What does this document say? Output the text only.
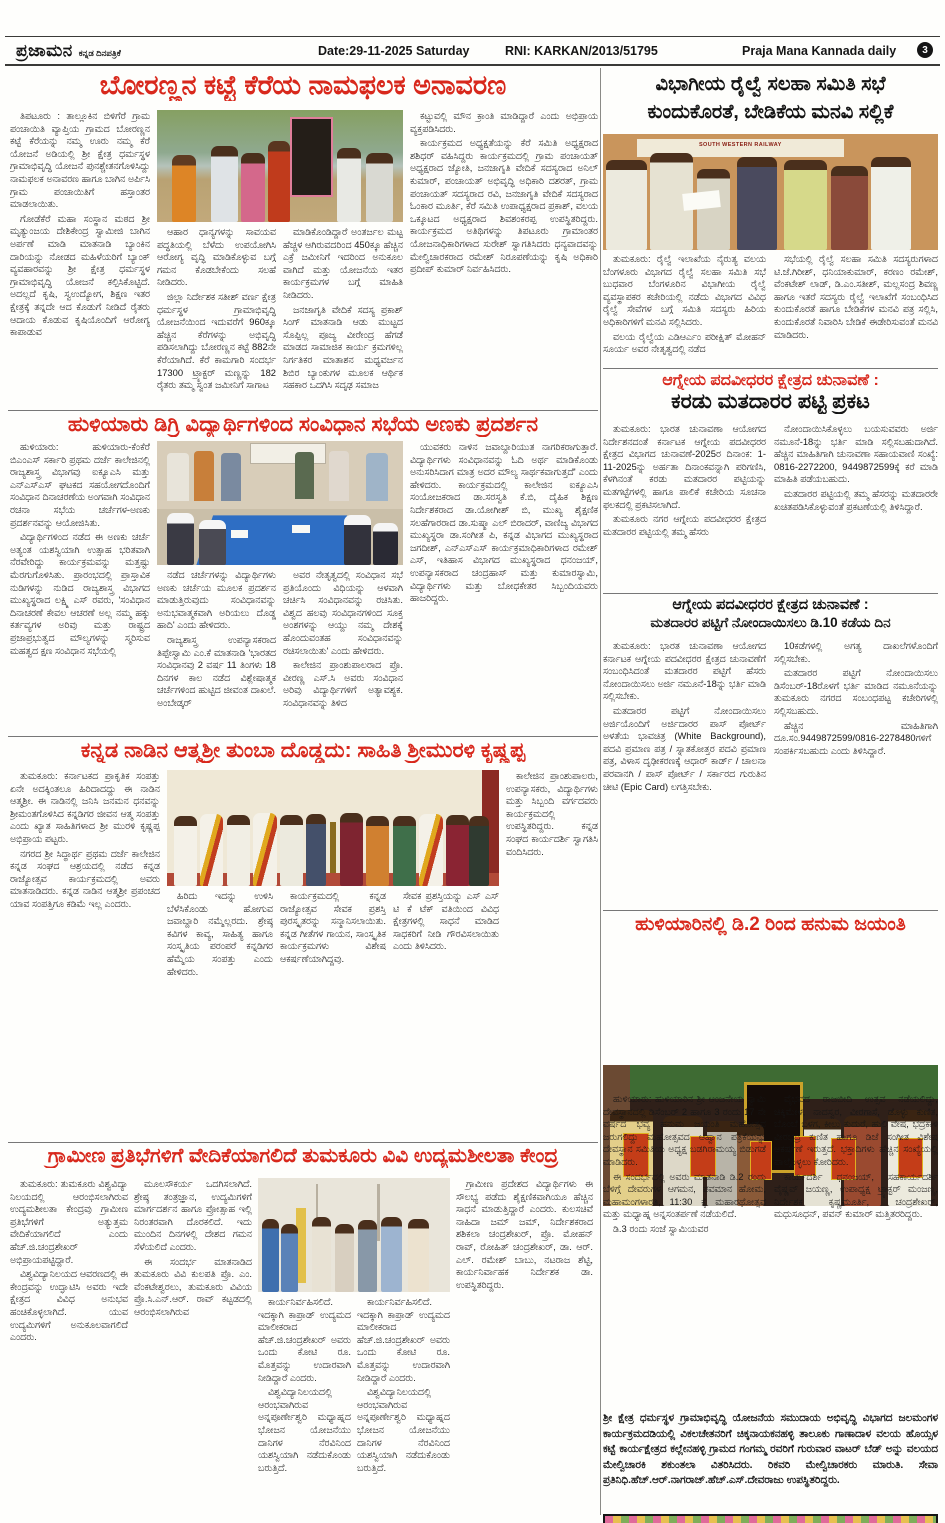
ಪ್ರಜಾಮನ ಕನ್ನಡ ದಿನಪತ್ರಿಕೆ	Date:29-11-2025 Saturday	RNI: KARKAN/2013/51795	Praja Mana Kannada daily	3
ಬೋರಣ್ಣನ ಕಟ್ಟೆ ಕೆರೆಯ ನಾಮಫಲಕ ಅನಾವರಣ

ತಿಪಟೂರು : ತಾಲ್ಲೂಕಿನ ಬಿಳಿಗೆರೆ ಗ್ರಾಮ ಪಂಚಾಯಿತಿ ವ್ಯಾಪ್ತಿಯ ಗ್ರಾಮದ ಬೋರಣ್ಣನ ಕಟ್ಟೆ ಕೆರೆಯನ್ನು ನಮ್ಮ ಊರು ನಮ್ಮ ಕೆರೆ ಯೋಜನೆ ಅಡಿಯಲ್ಲಿ ಶ್ರೀ ಕ್ಷೇತ್ರ ಧರ್ಮಸ್ಥಳ ಗ್ರಾಮಾಭಿವೃದ್ಧಿ ಯೋಜನೆ ಪುನಶ್ಚೇತನಗೊಳಿಸಿದ್ದು ನಾಮಫಲಕ ಅನಾವರಣ ಹಾಗೂ ಬಾಗಿನ ಅರ್ಪಿಸಿ ಗ್ರಾಮ ಪಂಚಾಯಿತಿಗೆ ಹಸ್ತಾಂತರ ಮಾಡಲಾಯಿತು.

ಗೋಡೆಕೆರೆ ಮಹಾ ಸಂಸ್ಥಾನ ಮಠದ ಶ್ರೀ ಮೃತ್ಯುಂಜಯ ದೇಶಿಕೇಂದ್ರ ಸ್ವಾಮೀಜಿ ಬಾಗಿನ ಅರ್ಪಣೆ ಮಾಡಿ ಮಾತನಾಡಿ ಬ್ಯಾಂಕಿನ ದಾರಿಯನ್ನು ನೋಡದ ಮಹಿಳೆಯರಿಗೆ ಬ್ಯಾಂಕ್ ವ್ಯವಹಾರವನ್ನು ಶ್ರೀ ಕ್ಷೇತ್ರ ಧರ್ಮಸ್ಥಳ ಗ್ರಾಮಾಭಿವೃದ್ಧಿ ಯೋಜನೆ ಕಲ್ಪಿಸಿಕೊಟ್ಟಿದೆ. ಅದಲ್ಲದೆ ಕೃಷಿ, ಸ್ವಉದ್ಯೋಗ, ಶಿಕ್ಷಣ ಇತರ ಕ್ಷೇತ್ರಕ್ಕೆ ತನ್ನದೇ ಆದ ಕೊಡುಗೆ ನೀಡಿದೆ ರೈತರು ಆದಾಯ ಕೊಡುವ ಕೃಷಿಯೊಂದಿಗೆ ಆರೋಗ್ಯ ಕಾಪಾಡುವ

ಆಹಾರ ಧಾನ್ಯಗಳನ್ನು ಸಾವಯವ ಪದ್ಧತಿಯಲ್ಲಿ ಬೆಳೆದು ಉಪಯೋಗಿಸಿ ಆರೋಗ್ಯ ವೃದ್ಧಿ ಮಾಡಿಕೊಳ್ಳುವ ಬಗ್ಗೆ ಗಮನ ಕೊಡಬೇಕೆಂದು ಸಲಹೆ ನೀಡಿದರು.

ಜಿಲ್ಲಾ ನಿರ್ದೇಶಕ ಸತೀಶ್ ವರ್ಣ ಕ್ಷೇತ್ರ ಧರ್ಮಸ್ಥಳ ಗ್ರಾಮಾಭಿವೃದ್ಧಿ ಯೋಜನೆಯಿಂದ ಇದುವರೆಗೆ 960ಕ್ಕೂ ಹೆಚ್ಚಿನ ಕೆರೆಗಳನ್ನು ಅಭಿವೃದ್ಧಿ ಪಡಿಸಲಾಗಿದ್ದು ಬೋರಣ್ಣನ ಕಟ್ಟೆ 882ನೇ ಕೆರೆಯಾಗಿದೆ. ಕೆರೆ ಕಾಮಗಾರಿ ಸಂದರ್ಭ 17300 ಟ್ರ್ಯಾಕ್ಟರ್ ಮಣ್ಣನ್ನು 182 ರೈತರು ತಮ್ಮ ಸ್ವಂತ ಜಮೀನಿಗೆ ಸಾಗಾಟ

ಮಾಡಿಕೊಂಡಿದ್ದಾರೆ ಅಂತರ್ಜಲ ಮಟ್ಟ ಹೆಚ್ಚಳ ಆಗಿರುವದರಿಂದ 450ಕ್ಕೂ ಹೆಚ್ಚಿನ ಎಕ್ರೆ ಜಮೀನಿಗೆ ಇದರಿಂದ ಅನುಕೂಲ ವಾಗಿದೆ ಮತ್ತು ಯೋಜನೆಯ ಇತರ ಕಾರ್ಯಕ್ರಮಗಳ ಬಗ್ಗೆ ಮಾಹಿತಿ ನೀಡಿದರು.

ಜನಜಾಗೃತಿ ವೇದಿಕೆ ಸದಸ್ಯ ಪ್ರಕಾಶ್ ಸಿಂಗ್ ಮಾತನಾಡಿ ಆಡು ಮುಟ್ಟದ ಸೊಪ್ಪಿಲ್ಲ ಪೂಜ್ಯ ವೀರೇಂದ್ರ ಹೆಗಡೆ ಮಾಡದ ಸಾಮಾಜಿಕ ಕಾರ್ಯ ಕ್ರಮಗಳಿಲ್ಲ ನಿರ್ಗತಿಕರ ಮಾತಾಶನ ಮಧ್ಯವರ್ಜನ ಶಿಬಿರ ಬ್ಯಾಂಕುಗಳ ಮೂಲಕ ಆರ್ಥಿಕ ಸಹಕಾರ ಒದಗಿಸಿ ಸದೃಢ ಸಮಾಜ

ಕಟ್ಟುವಲ್ಲಿ ಮೌನ ಕ್ರಾಂತಿ ಮಾಡಿದ್ದಾರೆ ಎಂದು ಅಭಿಪ್ರಾಯ ವ್ಯಕ್ತಪಡಿಸಿದರು.

ಕಾರ್ಯಕ್ರಮದ ಅಧ್ಯಕ್ಷತೆಯನ್ನು ಕೆರೆ ಸಮಿತಿ ಅಧ್ಯಕ್ಷರಾದ ಶಶಿಧರ್ ವಹಿಸಿದ್ದರು ಕಾರ್ಯಕ್ರಮದಲ್ಲಿ ಗ್ರಾಮ ಪಂಚಾಯತ್ ಅಧ್ಯಕ್ಷರಾದ ಜ್ಯೋತಿ, ಜನಜಾಗೃತಿ ವೇದಿಕೆ ಸದಸ್ಯರಾದ ಅನಿಲ್ ಕುಮಾರ್, ಪಂಚಾಯತ್ ಅಭಿವೃದ್ಧಿ ಅಧಿಕಾರಿ ದಶರತ್, ಗ್ರಾಮ ಪಂಚಾಯತ್ ಸದಸ್ಯರಾದ ರವಿ, ಜನಜಾಗೃತಿ ವೇದಿಕೆ ಸದಸ್ಯರಾದ ಓಂಕಾರ ಮೂರ್ತಿ, ಕೆರೆ ಸಮಿತಿ ಉಪಾಧ್ಯಕ್ಷರಾದ ಪ್ರಕಾಶ್, ವಲಯ ಒಕ್ಕೂಟದ ಅಧ್ಯಕ್ಷರಾದ ಶಿವಶಂಕರಪ್ಪ ಉಪಸ್ಥಿತರಿದ್ದರು. ಕಾರ್ಯಕ್ರಮದ ಅತಿಥಿಗಳನ್ನು ತಿಪಟೂರು ಗ್ರಾಮಾಂತರ ಯೋಜನಾಧಿಕಾರಿಗಳಾದ ಸುರೇಶ್ ಸ್ವಾಗತಿಸಿದರು ಧನ್ಯವಾದವನ್ನು ಮೇಲ್ವಿಚಾರಕರಾದ ರಮೇಶ್ ನಿರೂಪಣೆಯನ್ನು ಕೃಷಿ ಅಧಿಕಾರಿ ಪ್ರದೀಪ್ ಕುಮಾರ್ ನಿರ್ವಹಿಸಿದರು.

ಹುಳಿಯಾರು ಡಿಗ್ರಿ ವಿದ್ಯಾರ್ಥಿಗಳಿಂದ ಸಂವಿಧಾನ ಸಭೆಯ ಅಣಕು ಪ್ರದರ್ಶನ

ಹುಳಿಯಾರು: ಹುಳಿಯಾರು-ಕೆಂಕೆರೆ ಬಿಎಂಎಸ್ ಸರ್ಕಾರಿ ಪ್ರಥಮ ದರ್ಜೆ ಕಾಲೇಜಿನಲ್ಲಿ ರಾಜ್ಯಶಾಸ್ತ್ರ ವಿಭಾಗವು ಐಕ್ಯೂಎಸಿ ಮತ್ತು ಎನ್ಎಸ್ಎಸ್ ಘಟಕದ ಸಹಯೋಗದೊಂದಿಗೆ ಸಂವಿಧಾನ ದಿನಾಚರಣೆಯ ಅಂಗವಾಗಿ ಸಂವಿಧಾನ ರಚನಾ ಸಭೆಯ ಚರ್ಚೆಗಳ-ಅಣಕು ಪ್ರದರ್ಶನವನ್ನು ಆಯೋಜಿಸಿತು.

ವಿದ್ಯಾರ್ಥಿಗಳಿಂದ ನಡೆದ ಈ ಅಣಕು ಚರ್ಚೆ ಅತ್ಯಂತ ಯಶಸ್ವಿಯಾಗಿ ಉತ್ಸಾಹ ಭರಿತವಾಗಿ ನೆರವೇರಿದ್ದು ಕಾರ್ಯಕ್ರಮವನ್ನು ಮತ್ತಷ್ಟು ಮೆರಗುಗೊಳಿಸಿತು. ಪ್ರಾರಂಭದಲ್ಲಿ ಪ್ರಾಸ್ತಾವಿಕ ನುಡಿಗಳನ್ನು ನುಡಿದ ರಾಜ್ಯಶಾಸ್ತ್ರ ವಿಭಾಗದ ಮುಖ್ಯಸ್ಥರಾದ ಲಕ್ಷ್ಮಿ ಎಸ್ ರವರು, 'ಸಂವಿಧಾನ ದಿನಾಚರಣೆ ಕೇವಲ ಆಚರಣೆ ಅಲ್ಲ ನಮ್ಮ ಹಕ್ಕು ಕರ್ತವ್ಯಗಳ ಅರಿವು ಮತ್ತು ರಾಷ್ಟ್ರದ ಪ್ರಜಾಪ್ರಭುತ್ವದ ಮೌಲ್ಯಗಳನ್ನು ಸ್ಮರಿಸುವ ಮಹತ್ವದ ಕ್ಷಣ ಸಂವಿಧಾನ ಸಭೆಯಲ್ಲಿ

ನಡೆದ ಚರ್ಚೆಗಳನ್ನು ವಿದ್ಯಾರ್ಥಿಗಳು ಅಣಕು ಚರ್ಚೆಯ ಮೂಲಕ ಪ್ರದರ್ಶನ ಮಾಡುತ್ತಿರುವುದು ಸಂವಿಧಾನವನ್ನು ಅನುಭವಾತ್ಮಕವಾಗಿ ಅರಿಯಲು ದೊಡ್ಡ ಹಾದಿ' ಎಂದು ಹೇಳಿದರು.

ರಾಜ್ಯಶಾಸ್ತ್ರ ಉಪನ್ಯಾಸಕರಾದ ತಿಪ್ಪೇಸ್ವಾಮಿ ಎಂ.ಕೆ ಮಾತನಾಡಿ 'ಭಾರತದ ಸಂವಿಧಾನವು 2 ವರ್ಷ 11 ತಿಂಗಳು 18 ದಿನಗಳ ಕಾಲ ನಡೆದ ವಿಶ್ಲೇಷಾತ್ಮಕ ಚರ್ಚೆಗಳಿಂದ ಹುಟ್ಟಿದ ಜೀವಂತ ದಾಖಲೆ. ಅಂಬೇಡ್ಕರ್

ಅವರ ನೇತೃತ್ವದಲ್ಲಿ ಸಂವಿಧಾನ ಸಭೆ ಪ್ರತಿಯೊಂದು ವಿಧಿಯನ್ನು ಆಳವಾಗಿ ಚರ್ಚಿಸಿ ಸಂವಿಧಾನವನ್ನು ರಚಿಸಿತು. ವಿಶ್ವದ ಹಲವು ಸಂವಿಧಾನಗಳಿಂದ ಸೂಕ್ತ ಅಂಶಗಳನ್ನು ಆಯ್ದು ನಮ್ಮ ದೇಶಕ್ಕೆ ಹೊಂದುವಂತಹ ಸಂವಿಧಾನವನ್ನು ರಚಿಸಲಾಯಿತು' ಎಂದು ಹೇಳಿದರು.

ಕಾಲೇಜಿನ ಪ್ರಾಂಶುಪಾಲರಾದ ಪ್ರೊ. ವೀರಣ್ಣ ಎಸ್.ಸಿ ಅವರು ಸಂವಿಧಾನ ಅರಿವು ವಿದ್ಯಾರ್ಥಿಗಳಿಗೆ ಅತ್ಯಾವಶ್ಯಕ. ಸಂವಿಧಾನವನ್ನು ತಿಳಿದ

ಯುವಕರು ನಾಳಿನ ಜವಾಬ್ದಾರಿಯುತ ನಾಗರಿಕರಾಗುತ್ತಾರೆ. ವಿದ್ಯಾರ್ಥಿಗಳು ಸಂವಿಧಾನವನ್ನು ಓದಿ ಅರ್ಥ ಮಾಡಿಕೊಂಡು ಅನುಸರಿಸಿದಾಗ ಮಾತ್ರ ಅದರ ಮೌಲ್ಯ ಸಾರ್ಥಕವಾಗುತ್ತದೆ' ಎಂದು ಹೇಳಿದರು. ಕಾರ್ಯಕ್ರಮದಲ್ಲಿ ಕಾಲೇಜಿನ ಐಕ್ಯೂಎಸಿ ಸಂಯೋಜಕರಾದ ಡಾ.ಸರಸ್ವತಿ ಕೆ.ಬಿ, ದೈಹಿಕ ಶಿಕ್ಷಣ ನಿರ್ದೇಶಕರಾದ ಡಾ.ಯೋಗೀಶ್ ಬಿ, ಮುಖ್ಯ ಶೈಕ್ಷಣಿಕ ಸಲಹೆಗಾರರಾದ ಡಾ.ಸುಷ್ಮಾ ಎಲ್ ಬಿರಾದರ್, ವಾಣಿಜ್ಯ ವಿಭಾಗದ ಮುಖ್ಯಸ್ಥರಾ ಡಾ.ಸಂಗೀತ ಪಿ, ಕನ್ನಡ ವಿಭಾಗದ ಮುಖ್ಯಸ್ಥರಾದ ಜಗದೀಶ್, ಎನ್ಎಸ್ಎಸ್ ಕಾರ್ಯಕ್ರಮಾಧಿಕಾರಿಗಳಾದ ರಮೇಶ್ ಎಸ್, ಇತಿಹಾಸ ವಿಭಾಗದ ಮುಖ್ಯಸ್ಥರಾದ ಧನಂಜಯ್, ಉಪನ್ಯಾಸಕರಾದ ಚಂದ್ರಹಾಸ್ ಮತ್ತು ಕುಮಾರಸ್ವಾಮಿ, ವಿದ್ಯಾರ್ಥಿಗಳು ಮತ್ತು ಬೋಧಕೇತರ ಸಿಬ್ಬಂದಿಯವರು ಹಾಜರಿದ್ದರು.

ಕನ್ನಡ ನಾಡಿನ ಆತ್ಮಶ್ರೀ ತುಂಬಾ ದೊಡ್ಡದು: ಸಾಹಿತಿ ಶ್ರೀಮುರಳಿ ಕೃಷ್ಣಪ್ಪ

ತುಮಕೂರು: ಕರ್ನಾಟಕದ ಪ್ರಾಕೃತಿಕ ಸಂಪತ್ತು ಏನೇ ಅದಕ್ಕಿಂತಲೂ ಹಿರಿದಾದದ್ದು ಈ ನಾಡಿನ ಆತ್ಮಶ್ರೀ. ಈ ನಾಡಿನಲ್ಲಿ ಜನಿಸಿ ಜನಮನ ಧನವನ್ನು ಶ್ರೀಮಂತಗೊಳಿಸಿದ ಕನ್ನಡಿಗರ ಜೀವನ ಆತ್ಮ ಸಂಪತ್ತು ಎಂದು ಖ್ಯಾತ ಸಾಹಿತಿಗಳಾದ ಶ್ರೀ ಮುರಳಿ ಕೃಷ್ಣಪ್ಪ ಅಭಿಪ್ರಾಯ ಪಟ್ಟರು.

ನಗರದ ಶ್ರೀ ಸಿದ್ಧಾರ್ಥ ಪ್ರಥಮ ದರ್ಜೆ ಕಾಲೇಜಿನ ಕನ್ನಡ ಸಂಘದ ಆಶ್ರಯದಲ್ಲಿ ನಡೆದ ಕನ್ನಡ ರಾಜ್ಯೋತ್ಸವ ಕಾರ್ಯಕ್ರಮದಲ್ಲಿ ಅವರು ಮಾತನಾಡಿದರು. ಕನ್ನಡ ನಾಡಿನ ಆತ್ಮಶ್ರೀ ಪ್ರಪಂಚದ ಯಾವ ಸಂಪತ್ತಿಗೂ ಕಡಿಮೆ ಇಲ್ಲ ಎಂದರು.

ಹಿರಿದು ಇದನ್ನು ಉಳಿಸಿ ಬೆಳೆಸಿಕೊಂಡು ಹೋಗುವ ಜವಾಬ್ದಾರಿ ನಮ್ಮೆಲ್ಲರದು. ಶ್ರೇಷ್ಠ ಕವಿಗಳ ಕಾವ್ಯ, ಸಾಹಿತ್ಯ ಹಾಗೂ ಸಂಸ್ಕೃತಿಯ ಪರಂಪರೆ ಕನ್ನಡಿಗರ ಹೆಮ್ಮೆಯ ಸಂಪತ್ತು ಎಂದು ಹೇಳಿದರು.

ಕಾರ್ಯಕ್ರಮದಲ್ಲಿ ಕನ್ನಡ ರಾಜ್ಯೋತ್ಸವ ಸೇವಕ ಪ್ರಶಸ್ತಿ ಪುರಸ್ಕೃತರನ್ನು ಸನ್ಮಾನಿಸಲಾಯಿತು. ಕನ್ನಡ ಗೀತೆಗಳ ಗಾಯನ, ಸಾಂಸ್ಕೃತಿಕ ಕಾರ್ಯಕ್ರಮಗಳು ವಿಶೇಷ ಆಕರ್ಷಣೆಯಾಗಿದ್ದವು.

ಸೇವಕ ಪ್ರಶಸ್ತಿಯನ್ನು ಎಸ್ ಎಸ್ ಟಿ ಕೆ ಟೆಕ್ ವತಿಯಿಂದ ವಿವಿಧ ಕ್ಷೇತ್ರಗಳಲ್ಲಿ ಸಾಧನೆ ಮಾಡಿದ ಸಾಧಕರಿಗೆ ನೀಡಿ ಗೌರವಿಸಲಾಯಿತು ಎಂದು ತಿಳಿಸಿದರು.

ಕಾಲೇಜಿನ ಪ್ರಾಂಶುಪಾಲರು, ಉಪನ್ಯಾಸಕರು, ವಿದ್ಯಾರ್ಥಿಗಳು ಮತ್ತು ಸಿಬ್ಬಂದಿ ವರ್ಗದವರು ಕಾರ್ಯಕ್ರಮದಲ್ಲಿ ಉಪಸ್ಥಿತರಿದ್ದರು. ಕನ್ನಡ ಸಂಘದ ಕಾರ್ಯದರ್ಶಿ ಸ್ವಾಗತಿಸಿ ವಂದಿಸಿದರು.

ಗ್ರಾಮೀಣ ಪ್ರತಿಭೆಗಳಿಗೆ ವೇದಿಕೆಯಾಗಲಿದೆ ತುಮಕೂರು ವಿವಿ ಉದ್ಯಮಶೀಲತಾ ಕೇಂದ್ರ

ತುಮಕೂರು: ತುಮಕೂರು ವಿಶ್ವವಿದ್ಯಾ ನಿಲಯದಲ್ಲಿ ಆರಂಭಿಸಲಾಗಿರುವ ಉದ್ಯಮಶೀಲತಾ ಕೇಂದ್ರವು ಗ್ರಾಮೀಣ ಪ್ರತಿಭೆಗಳಿಗೆ ಅತ್ಯುತ್ತಮ ವೇದಿಕೆಯಾಗಲಿದೆ ಎಂದು ಹೆಚ್.ಜಿ.ಚಂದ್ರಶೇಖರ್ ಅಭಿಪ್ರಾಯಪಟ್ಟಿದ್ದಾರೆ.

ವಿಶ್ವವಿದ್ಯಾನಿಲಯದ ಆವರಣದಲ್ಲಿ ಈ ಕೇಂದ್ರವನ್ನು ಉದ್ಘಾಟಿಸಿ ಅವರು ಇದೇ ಕ್ಷೇತ್ರದ ವಿವಿಧ ಅನುಭವ ಹಂಚಿಕೊಳ್ಳಲಾಗಿದೆ. ಯುವ ಉದ್ಯಮಿಗಳಿಗೆ ಅನುಕೂಲವಾಗಲಿದೆ ಎಂದರು.

ಮೂಲಸೌಕರ್ಯ ಒದಗಿಸಲಾಗಿದೆ. ಶ್ರೇಷ್ಠ ತಂತ್ರಜ್ಞಾನ, ಉದ್ಯಮಿಗಳಿಗೆ ಮಾರ್ಗದರ್ಶನ ಹಾಗೂ ಪ್ರೋತ್ಸಾಹ ಇಲ್ಲಿ ನಿರಂತರವಾಗಿ ದೊರಕಲಿದೆ. ಇದು ಮುಂದಿನ ದಿನಗಳಲ್ಲಿ ದೇಶದ ಗಮನ ಸೆಳೆಯಲಿದೆ ಎಂದರು.

ಈ ಸಂದರ್ಭ ಮಾತನಾಡಿದ ತುಮಕೂರು ವಿವಿ ಕುಲಪತಿ ಪ್ರೊ. ಎಂ. ವೆಂಕಟೇಶ್ವರಲು, ತುಮಕೂರು ವಿವಿಯ ಪ್ರೊ.ಸಿ.ಎನ್.ಆರ್. ರಾವ್ ಕಟ್ಟಡದಲ್ಲಿ ಆರಂಭಿಸಲಾಗಿರುವ

ಕಾರ್ಯನಿರ್ವಹಿಸಲಿದೆ. ಇದಕ್ಕಾಗಿ ಕಾಪ್ರಾಡ್ ಉದ್ಯಮದ ಮಾಲೀಕರಾದ ಹೆಚ್.ಜಿ.ಚಂದ್ರಶೇಖರ್ ಅವರು ಒಂದು ಕೋಟಿ ರೂ. ಮೊತ್ತವನ್ನು ಉದಾರವಾಗಿ ನೀಡಿದ್ದಾರೆ ಎಂದರು.

ವಿಶ್ವವಿದ್ಯಾನಿಲಯದಲ್ಲಿ ಆರಂಭವಾಗಿರುವ ಅನ್ನಪೂರ್ಣೇಶ್ವರಿ ಮಧ್ಯಾಹ್ನದ ಭೋಜನ ಯೋಜನೆಯು ದಾನಿಗಳ ನೆರವಿನಿಂದ ಯಶಸ್ವಿಯಾಗಿ ನಡೆದುಕೊಂಡು ಬರುತ್ತಿದೆ.

ಕಾರ್ಯನಿರ್ವಹಿಸಲಿದೆ. ಇದಕ್ಕಾಗಿ ಕಾಪ್ರಾಡ್ ಉದ್ಯಮದ ಮಾಲೀಕರಾದ ಹೆಚ್.ಜಿ.ಚಂದ್ರಶೇಖರ್ ಅವರು ಒಂದು ಕೋಟಿ ರೂ. ಮೊತ್ತವನ್ನು ಉದಾರವಾಗಿ ನೀಡಿದ್ದಾರೆ ಎಂದರು.

ವಿಶ್ವವಿದ್ಯಾನಿಲಯದಲ್ಲಿ ಆರಂಭವಾಗಿರುವ ಅನ್ನಪೂರ್ಣೇಶ್ವರಿ ಮಧ್ಯಾಹ್ನದ ಭೋಜನ ಯೋಜನೆಯು ದಾನಿಗಳ ನೆರವಿನಿಂದ ಯಶಸ್ವಿಯಾಗಿ ನಡೆದುಕೊಂಡು ಬರುತ್ತಿದೆ.

ಗ್ರಾಮೀಣ ಪ್ರದೇಶದ ವಿದ್ಯಾರ್ಥಿಗಳು ಈ ಸೌಲಭ್ಯ ಪಡೆದು ಶೈಕ್ಷಣಿಕವಾಗಿಯೂ ಹೆಚ್ಚಿನ ಸಾಧನೆ ಮಾಡುತ್ತಿದ್ದಾರೆ ಎಂದರು. ಕುಲಸಚಿವೆ ನಾಹಿದಾ ಜಮ್ ಜಮ್, ನಿರ್ದೇಶಕರಾದ ಶಶಿಕಲಾ ಚಂದ್ರಶೇಖರ್, ಪ್ರೊ. ಮೋಹನ್ ರಾವ್, ರೋಹಿತ್ ಚಂದ್ರಶೇಖರ್, ಡಾ. ಆರ್. ಎಲ್. ರಮೇಶ್ ಬಾಬು, ನಟರಾಜ ಶೆಟ್ಟಿ, ಕಾರ್ಯನಿರ್ವಾಹಕ ನಿರ್ದೇಶಕ ಡಾ. ಉಪಸ್ಥಿತರಿದ್ದರು.

ವಿಭಾಗೀಯ ರೈಲ್ವೆ ಸಲಹಾ ಸಮಿತಿ ಸಭೆ
ಕುಂದುಕೊರತೆ, ಬೇಡಿಕೆಯ ಮನವಿ ಸಲ್ಲಿಕೆ
SOUTH WESTERN RAILWAY

ತುಮಕೂರು: ರೈಲ್ವೆ ಇಲಾಖೆಯ ನೈರುತ್ಯ ವಲಯ ಬೆಂಗಳೂರು ವಿಭಾಗದ ರೈಲ್ವೆ ಸಲಹಾ ಸಮಿತಿ ಸಭೆ ಬುಧವಾರ ಬೆಂಗಳೂರಿನ ವಿಭಾಗೀಯ ರೈಲ್ವೆ ವ್ಯವಸ್ಥಾಪಕರ ಕಚೇರಿಯಲ್ಲಿ ನಡೆದು ವಿಭಾಗದ ವಿವಿಧ ರೈಲ್ವೆ ಸೇವೆಗಳ ಬಗ್ಗೆ ಸಮಿತಿ ಸದಸ್ಯರು ಹಿರಿಯ ಅಧಿಕಾರಿಗಳಿಗೆ ಮನವಿ ಸಲ್ಲಿಸಿದರು.

ವಲಯ ರೈಲ್ವೆಯ ಎಡಿಆರ್ಎಂ ಪರೀಕ್ಷಿತ್ ಮೋಹನ್ ಸೂರ್ಯ ಅವರ ನೇತೃತ್ವದಲ್ಲಿ ನಡೆದ

ಸಭೆಯಲ್ಲಿ ರೈಲ್ವೆ ಸಲಹಾ ಸಮಿತಿ ಸದಸ್ಯರುಗಳಾದ ಟಿ.ಜೆ.ಗಿರೀಶ್, ಧನಿಯಾಕುಮಾರ್, ಕರಣಂ ರಮೇಶ್, ವೆಂಕಟೇಶ್ ಲಾಡ್, ಡಿ.ಎಂ.ಸತೀಶ್, ಮಲ್ಲಸಂದ್ರ ಶಿವಣ್ಣ ಹಾಗೂ ಇತರೆ ಸದಸ್ಯರು ರೈಲ್ವೆ ಇಲಾಖೆಗೆ ಸಂಬಂಧಿಸಿದ ಕುಂದುಕೊರತೆ ಹಾಗೂ ಬೇಡಿಕೆಗಳ ಮನವಿ ಪತ್ರ ಸಲ್ಲಿಸಿ, ಕುಂದುಕೊರತೆ ನಿವಾರಿಸಿ ಬೇಡಿಕೆ ಈಡೇರಿಸುವಂತೆ ಮನವಿ ಮಾಡಿದರು.

ಆಗ್ನೇಯ ಪದವೀಧರರ ಕ್ಷೇತ್ರದ ಚುನಾವಣೆ :
ಕರಡು ಮತದಾರರ ಪಟ್ಟಿ ಪ್ರಕಟ

ತುಮಕೂರು: ಭಾರತ ಚುನಾವಣಾ ಆಯೋಗದ ನಿರ್ದೇಶನದಂತೆ ಕರ್ನಾಟಕ ಆಗ್ನೇಯ ಪದವೀಧರರ ಕ್ಷೇತ್ರದ ವಿಭಾಗದ ಚುನಾವಣೆ-2025ರ ದಿನಾಂಕ: 1-11-2025ನ್ನು ಅರ್ಹತಾ ದಿನಾಂಕವನ್ನಾಗಿ ಪರಿಗಣಿಸಿ, ಕೆಳಗಿನಂತೆ ಕರಡು ಮತದಾರರ ಪಟ್ಟಿಯನ್ನು ಮತಗಟ್ಟೆಗಳಲ್ಲಿ ಹಾಗೂ ಪಾಲಿಕೆ ಕಚೇರಿಯ ಸೂಚನಾ ಫಲಕದಲ್ಲಿ ಪ್ರಕಟಿಸಲಾಗಿದೆ.

ತುಮಕೂರು ನಗರ ಆಗ್ನೇಯ ಪದವೀಧರರ ಕ್ಷೇತ್ರದ ಮತದಾರರ ಪಟ್ಟಿಯಲ್ಲಿ ತಮ್ಮ ಹೆಸರು

ನೋಂದಾಯಿಸಿಕೊಳ್ಳಲು ಬಯಸುವವರು ಅರ್ಜಿ ನಮೂನೆ-18ನ್ನು ಭರ್ತಿ ಮಾಡಿ ಸಲ್ಲಿಸಬಹುದಾಗಿದೆ. ಹೆಚ್ಚಿನ ಮಾಹಿತಿಗಾಗಿ ಚುನಾವಣಾ ಸಹಾಯವಾಣಿ ಸಂಖ್ಯೆ: 0816-2272200, 9449872599ಕ್ಕೆ ಕರೆ ಮಾಡಿ ಮಾಹಿತಿ ಪಡೆಯಬಹುದು.

ಮತದಾರರ ಪಟ್ಟಿಯಲ್ಲಿ ತಮ್ಮ ಹೆಸರನ್ನು ಮತದಾರರೇ ಖಚಿತಪಡಿಸಿಕೊಳ್ಳುವಂತೆ ಪ್ರಕಟಣೆಯಲ್ಲಿ ತಿಳಿಸಿದ್ದಾರೆ.

ಆಗ್ನೇಯ ಪದವೀಧರರ ಕ್ಷೇತ್ರದ ಚುನಾವಣೆ :
ಮತದಾರರ ಪಟ್ಟಿಗೆ ನೋಂದಾಯಿಸಲು ಡಿ.10 ಕಡೆಯ ದಿನ

ತುಮಕೂರು: ಭಾರತ ಚುನಾವಣಾ ಆಯೋಗದ ಕರ್ನಾಟಕ ಆಗ್ನೇಯ ಪದವೀಧರರ ಕ್ಷೇತ್ರದ ಚುನಾವಣೆಗೆ ಸಂಬಂಧಿಸಿದಂತೆ ಮತದಾರರ ಪಟ್ಟಿಗೆ ಹೆಸರು ನೋಂದಾಯಿಸಲು ಅರ್ಜಿ ನಮೂನೆ-18ನ್ನು ಭರ್ತಿ ಮಾಡಿ ಸಲ್ಲಿಸಬೇಕು.

ಮತದಾರರ ಪಟ್ಟಿಗೆ ನೋಂದಾಯಿಸಲು ಅರ್ಜಿಯೊಂದಿಗೆ ಅರ್ಜಿದಾರರ ಪಾಸ್ ಪೋರ್ಟ್ ಅಳತೆಯ ಭಾವಚಿತ್ರ (White Background), ಪದವಿ ಪ್ರಮಾಣ ಪತ್ರ / ಸ್ನಾತಕೋತ್ತರ ಪದವಿ ಪ್ರಮಾಣ ಪತ್ರ, ವಿಳಾಸ ದೃಢೀಕರಣಕ್ಕೆ ಆಧಾರ್ ಕಾರ್ಡ್ / ಚಾಲನಾ ಪರವಾನಗಿ / ಪಾಸ್ ಪೋರ್ಟ್ / ಸರ್ಕಾರದ ಗುರುತಿನ ಚೀಟಿ (Epic Card) ಲಗತ್ತಿಸಬೇಕು.

10ಕಡೆಗಳಲ್ಲಿ ಅಗತ್ಯ ದಾಖಲೆಗಳೊಂದಿಗೆ ಸಲ್ಲಿಸಬೇಕು.

ಮತದಾರರ ಪಟ್ಟಿಗೆ ನೋಂದಾಯಿಸಲು ಡಿಸೆಂಬರ್-18ರೊಳಗೆ ಭರ್ತಿ ಮಾಡಿದ ನಮೂನೆಯನ್ನು ತುಮಕೂರು ನಗರದ ಸಂಬಂಧಪಟ್ಟ ಕಚೇರಿಗಳಲ್ಲಿ ಸಲ್ಲಿಸಬಹುದು.

ಹೆಚ್ಚಿನ ಮಾಹಿತಿಗಾಗಿ ದೂ.ಸಂ.9449872599/0816-2278480ಗಳಿಗೆ ಸಂಪರ್ಕಿಸಬಹುದು ಎಂದು ತಿಳಿಸಿದ್ದಾರೆ.

ಹುಳಿಯಾರಿನಲ್ಲಿ ಡಿ.2 ರಿಂದ ಹನುಮ ಜಯಂತಿ

ಹುಳಿಯಾರು: ಹುಳಿಯಾರಿನ ಶ್ರೀ ಆಂಜನೇಯ ಸ್ವಾಮಿ ದೇವಸ್ಥಾನದಲ್ಲಿ ಡಿಸೆಂಬರ್ 2 ಹಾಗೂ 3 ರಂದು 17 ನೇ ವರ್ಷದ ಭವ್ಯ ಹನುಮ ಜಯಂತಿ ಮಹೋತ್ಸವ ಜರುಗಲಿದ್ದು ಮಹೋತ್ಸವದ ಆಹ್ವಾನ ಪತ್ರಿಕೆಯನ್ನು ದೇವಸ್ಥಾನ ಸಮಿತಿಯ ಅಧ್ಯಕ್ಷ ಬಡಗಿರಾಮಯ್ಯ ಬಿಡುಗಡೆ ಮಾಡಿದರು.

ಈ ಸಂದರ್ಭದಲ್ಲಿ ಅವರು ಮಾತನಾಡಿ ಡಿ.2 ರಂದು ಬೆಳಿಗ್ಗೆ ದೇವರುಗಳ ಆಗಮನ, ಪವಮಾನ ಹೋಮ, ಮಹಾಮಂಗಳಾರತಿ, 11:30 ಕ್ಕೆ ಮಹಾರಥೋತ್ಸವ ಮತ್ತು ಮಧ್ಯಾಹ್ನ ಅನ್ನಸಂತರ್ಪಣೆ ನಡೆಯಲಿದೆ.

ಡಿ.3 ರಂದು ಸಂಜೆ ಸ್ವಾಮಿಯವರ

ವೈಭವದ ರಾಜಬೀದಿ ಉತ್ಸವ ನಡೆಯಲಿದ್ದು, ಚಿಕ್ಕಿಮೇಳ, ನಾದಸ್ವರ, ವೀರಗಾಸೆ, ಡೊಳ್ಳು ಕುಣಿತ, ಬೊಂಬೆ ಬಳಗ, ಕೀಲು ಕುದುರೆ, ಹುಲಿ ವೇಷ, ಭದ್ರಕಾಳಿ ವೀರಭದ್ರ ಕುಣಿತ ಹಾಗೂ ಡಿಜೆ ಸಂಗೀತ ವಿಶೇಷ ಆಕರ್ಷಣೆ ಇರುತ್ತದೆ. ಭಕ್ತಾದಿಗಳು ಹೆಚ್ಚಿನ ಸಂಖ್ಯೆಯಲ್ಲಿ ಪಾಲ್ಗೊಳ್ಳಲು ಕೋರಿದರು.

ಕಾರ್ಯದರ್ಶಿ ಧನಂಜಯ್, ಸಹಕಾರ್ಯದರ್ಶಿ ವೈಷ್ಣವ್ ಜಯಣ್ಣ, ಉಪಾಧ್ಯಕ್ಷ ಟ್ರ್ಯಾಕ್ಟರ್ ಮಂಜಣ್ಣ, ನಿರ್ದೇಶಕ ಕೃಷ್ಣಮೂರ್ತಿ, ಚಂದ್ರಶೇಖರ್, ಮಧುಸೂಧನ್, ಪವನ್ ಕುಮಾರ್ ಮತ್ತಿತರರಿದ್ದರು.

ಶ್ರೀ ಕ್ಷೇತ್ರ ಧರ್ಮಸ್ಥಳ ಗ್ರಾಮಾಭಿವೃದ್ಧಿ ಯೋಜನೆಯ ಸಮುದಾಯ ಅಭಿವೃದ್ಧಿ ವಿಭಾಗದ ಜಲಮಂಗಳ ಕಾರ್ಯಕ್ರಮದಡಿಯಲ್ಲಿ ವಿಕಲಚೇತನರಿಗೆ ಚಿಕ್ಕನಾಯಕನಹಳ್ಳಿ ತಾಲೂಕು ಗಾಣಾದಾಳ ವಲಯ ಹೊಯ್ಸಳ ಕಟ್ಟೆ ಕಾರ್ಯಕ್ಷೇತ್ರದ ಕಲ್ಲೇನಹಳ್ಳಿ ಗ್ರಾಮದ ಗಂಗಮ್ಮ ರವರಿಗೆ ಗುರುವಾರ ವಾಟರ್ ಬೆಡ್ ಅನ್ನು ವಲಯದ ಮೇಲ್ವಿಚಾರಕಿ ಶಕುಂತಲಾ ವಿತರಿಸಿದರು. ರಿಕವರಿ ಮೇಲ್ವಿಚಾರಕರು ಮಾರುತಿ. ಸೇವಾ ಪ್ರತಿನಿಧಿ.ಹೆಚ್.ಆರ್.ನಾಗರಾಜ್.ಹೆಚ್.ಎಸ್.ದೇವರಾಜು ಉಪಸ್ಥಿತರಿದ್ದರು.
